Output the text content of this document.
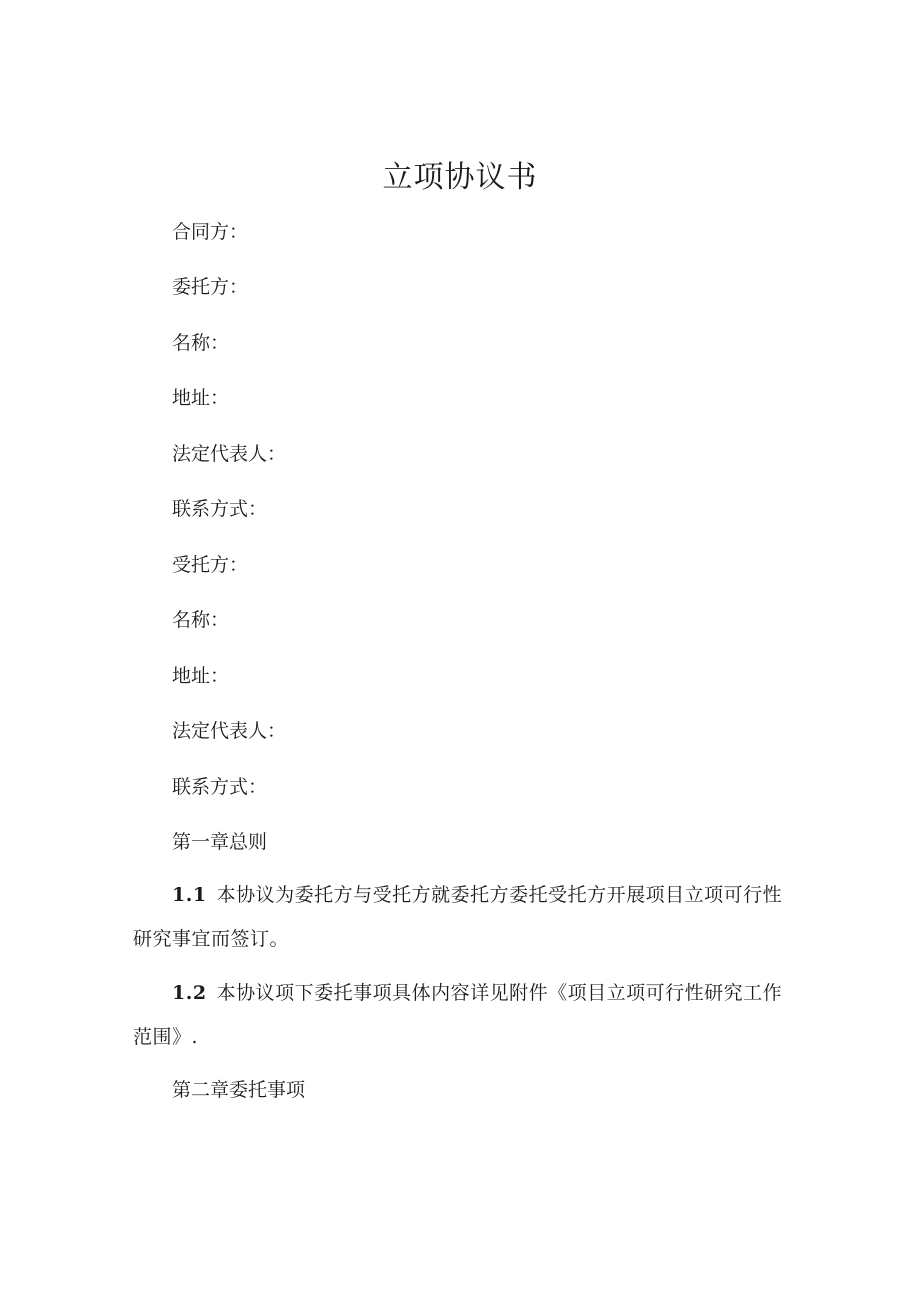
立项协议书
合同方：
委托方：
名称：
地址：
法定代表人：
联系方式：
受托方：
名称：
地址：
法定代表人：
联系方式：
第一章总则
1.1 本协议为委托方与受托方就委托方委托受托方开展项目立项可行性研究事宜而签订。
1.2 本协议项下委托事项具体内容详见附件《项目立项可行性研究工作范围》.
第二章委托事项
